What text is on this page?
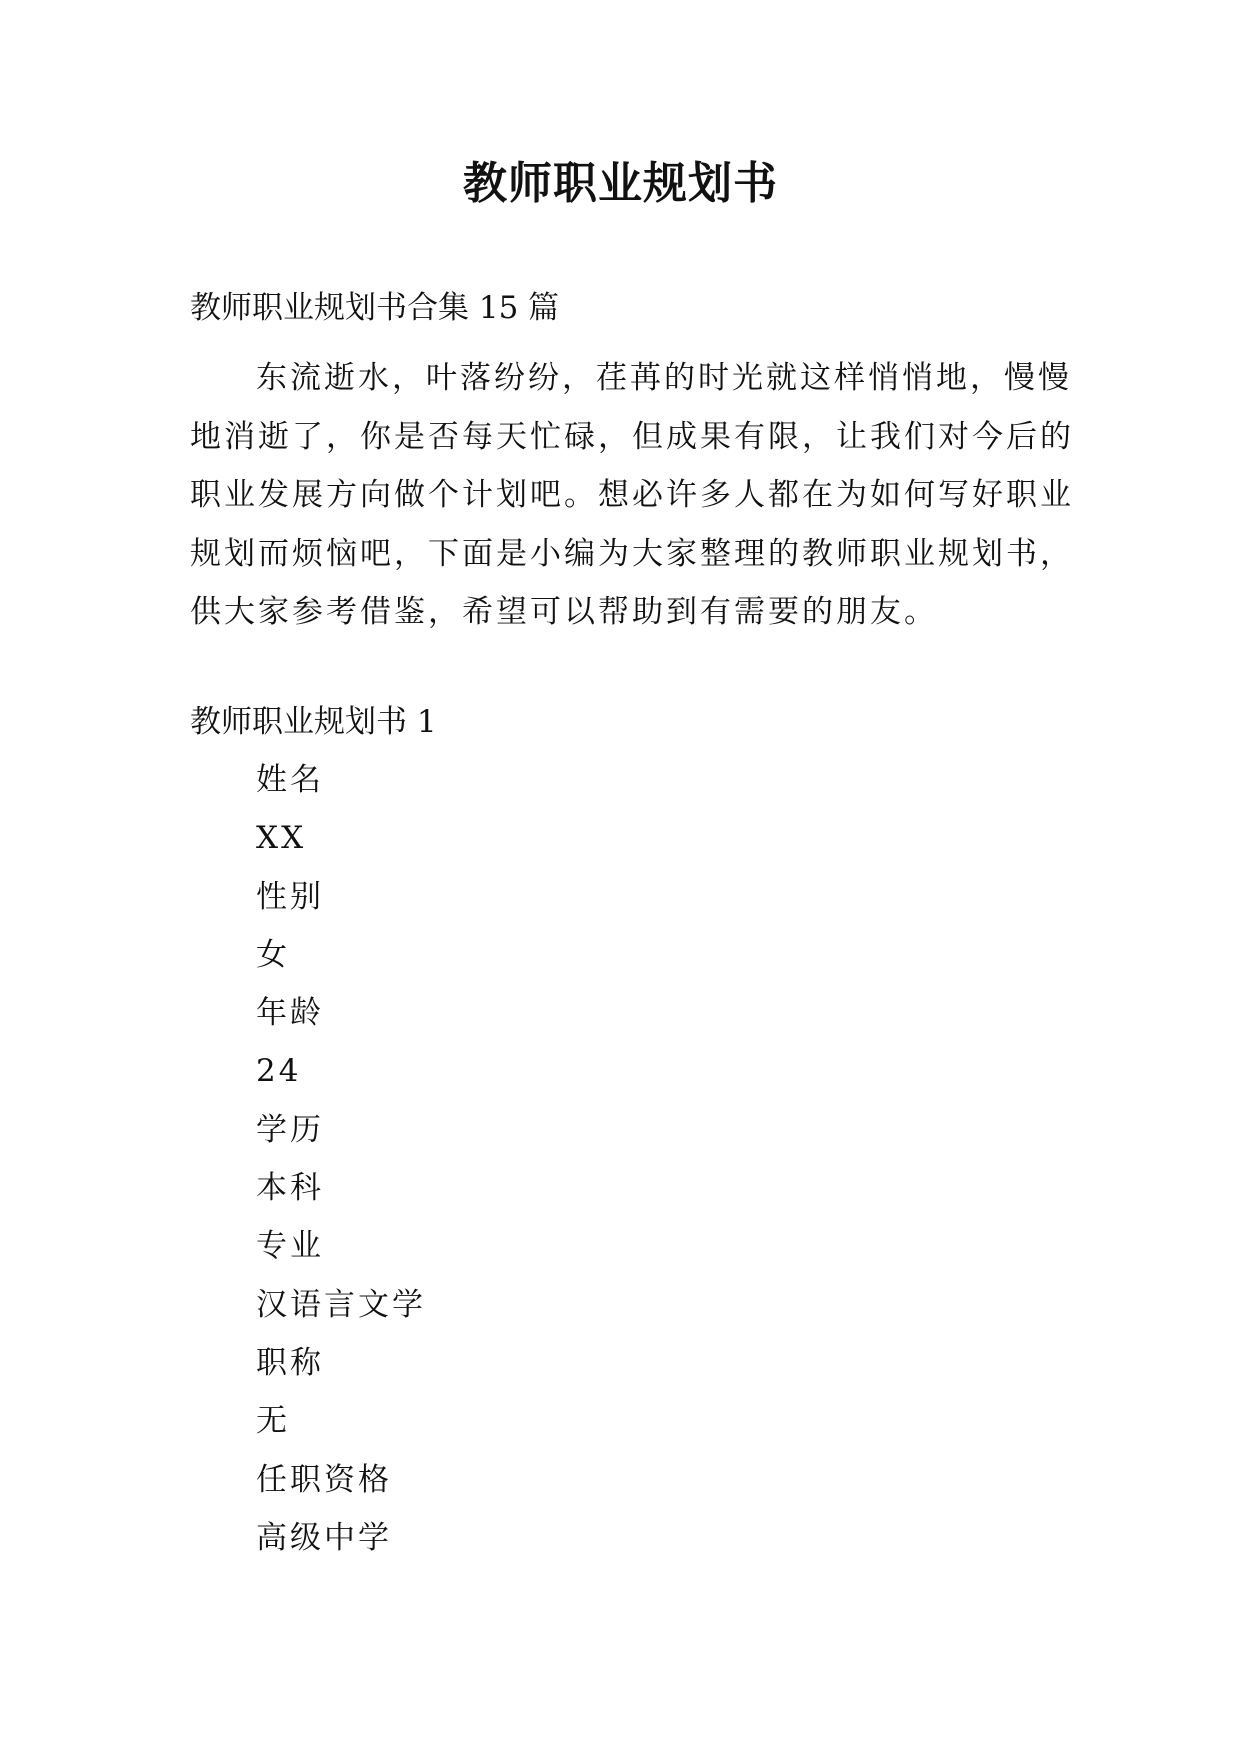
教师职业规划书
教师职业规划书合集 15 篇
东流逝水，叶落纷纷，荏苒的时光就这样悄悄地，慢慢
地消逝了，你是否每天忙碌，但成果有限，让我们对今后的
职业发展方向做个计划吧。想必许多人都在为如何写好职业
规划而烦恼吧，下面是小编为大家整理的教师职业规划书，
供大家参考借鉴，希望可以帮助到有需要的朋友。
教师职业规划书 1
姓名
XX
性别
女
年龄
24
学历
本科
专业
汉语言文学
职称
无
任职资格
高级中学
